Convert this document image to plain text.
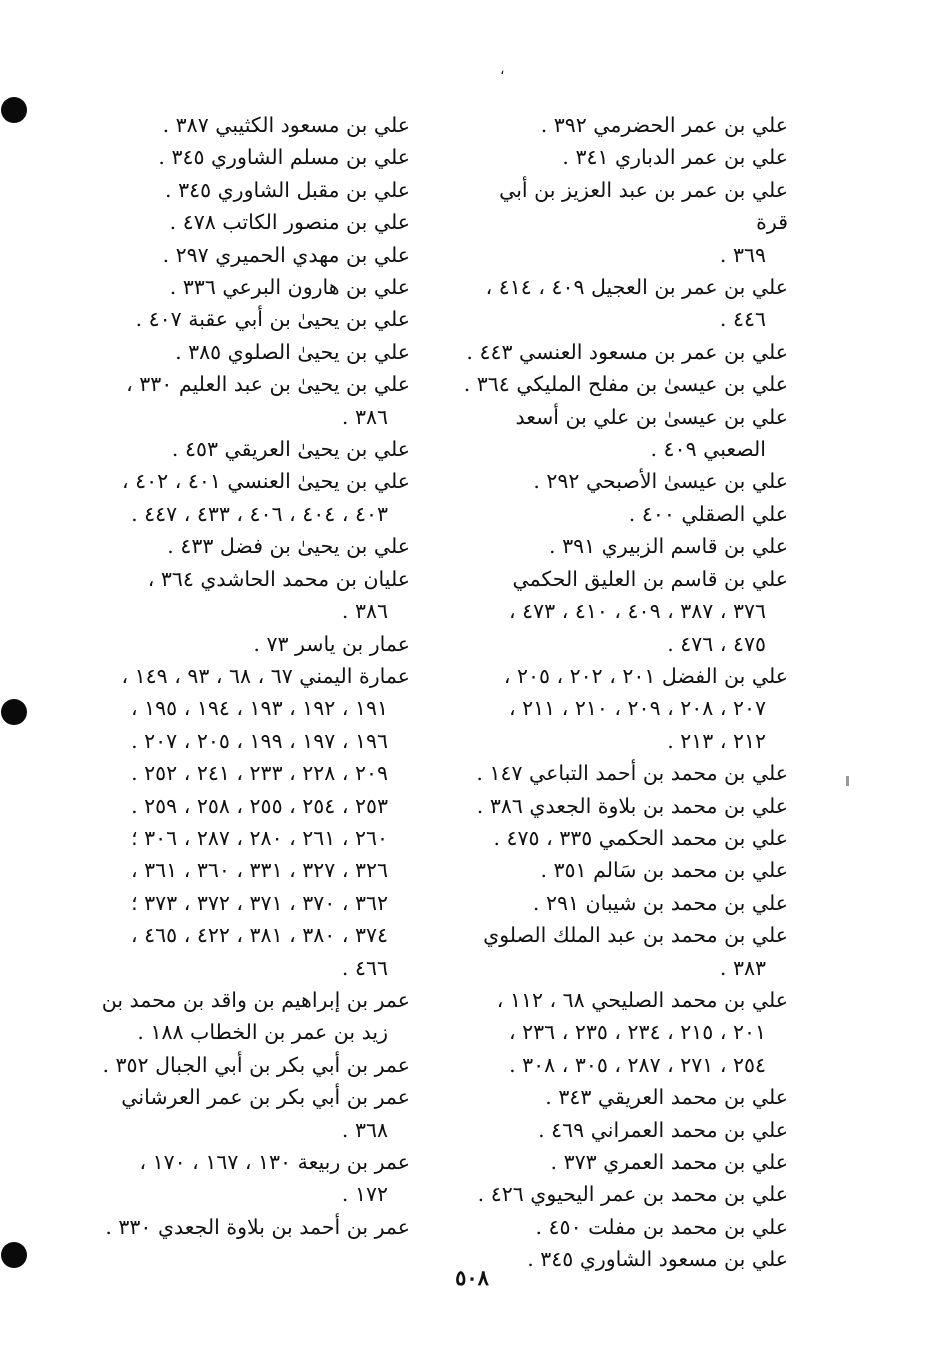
،

علي بن عمر الحضرمي ٣٩٢ .

علي بن عمر الدباري ٣٤١ .

علي بن عمر بن عبد العزيز بن أبي قرة
٣٦٩ .

علي بن عمر بن العجيل ٤٠٩ ، ٤١٤ ،
٤٤٦ .

علي بن عمر بن مسعود العنسي ٤٤٣ .

علي بن عيسىٰ بن مفلح المليكي ٣٦٤ .

علي بن عيسىٰ بن علي بن أسعد
الصعبي ٤٠٩ .

علي بن عيسىٰ الأصبحي ٢٩٢ .

علي الصقلي ٤٠٠ .

علي بن قاسم الزبيري ٣٩١ .

علي بن قاسم بن العليق الحكمي
٣٧٦ ، ٣٨٧ ، ٤٠٩ ، ٤١٠ ، ٤٧٣ ،
٤٧٥ ، ٤٧٦ .

علي بن الفضل ٢٠١ ، ٢٠٢ ، ٢٠٥ ،
٢٠٧ ، ٢٠٨ ، ٢٠٩ ، ٢١٠ ، ٢١١ ،
٢١٢ ، ٢١٣ .

علي بن محمد بن أحمد التباعي ١٤٧ .

علي بن محمد بن بلاوة الجعدي ٣٨٦ .

علي بن محمد الحكمي ٣٣٥ ، ٤٧٥ .

علي بن محمد بن سَالم ٣٥١ .

علي بن محمد بن شيبان ٢٩١ .

علي بن محمد بن عبد الملك الصلوي
٣٨٣ .

علي بن محمد الصليحي ٦٨ ، ١١٢ ،
٢٠١ ، ٢١٥ ، ٢٣٤ ، ٢٣٥ ، ٢٣٦ ،
٢٥٤ ، ٢٧١ ، ٢٨٧ ، ٣٠٥ ، ٣٠٨ .

علي بن محمد العريقي ٣٤٣ .

علي بن محمد العمراني ٤٦٩ .

علي بن محمد العمري ٣٧٣ .

علي بن محمد بن عمر اليحيوي ٤٢٦ .

علي بن محمد بن مفلت ٤٥٠ .

علي بن مسعود الشاوري ٣٤٥ .

علي بن مسعود الكثيبي ٣٨٧ .

علي بن مسلم الشاوري ٣٤٥ .

علي بن مقبل الشاوري ٣٤٥ .

علي بن منصور الكاتب ٤٧٨ .

علي بن مهدي الحميري ٢٩٧ .

علي بن هارون البرعي ٣٣٦ .

علي بن يحيىٰ بن أبي عقبة ٤٠٧ .

علي بن يحيىٰ الصلوي ٣٨٥ .

علي بن يحيىٰ بن عبد العليم ٣٣٠ ،
٣٨٦ .

علي بن يحيىٰ العريقي ٤٥٣ .

علي بن يحيىٰ العنسي ٤٠١ ، ٤٠٢ ،
٤٠٣ ، ٤٠٤ ، ٤٠٦ ، ٤٣٣ ، ٤٤٧ .

علي بن يحيىٰ بن فضل ٤٣٣ .

عليان بن محمد الحاشدي ٣٦٤ ،
٣٨٦ .

عمار بن ياسر ٧٣ .

عمارة اليمني ٦٧ ، ٦٨ ، ٩٣ ، ١٤٩ ،
١٩١ ، ١٩٢ ، ١٩٣ ، ١٩٤ ، ١٩٥ ،
١٩٦ ، ١٩٧ ، ١٩٩ ، ٢٠٥ ، ٢٠٧ .
٢٠٩ ، ٢٢٨ ، ٢٣٣ ، ٢٤١ ، ٢٥٢ .
٢٥٣ ، ٢٥٤ ، ٢٥٥ ، ٢٥٨ ، ٢٥٩ .
٢٦٠ ، ٢٦١ ، ٢٨٠ ، ٢٨٧ ، ٣٠٦ ؛
٣٢٦ ، ٣٢٧ ، ٣٣١ ، ٣٦٠ ، ٣٦١ ،
٣٦٢ ، ٣٧٠ ، ٣٧١ ، ٣٧٢ ، ٣٧٣ ؛
٣٧٤ ، ٣٨٠ ، ٣٨١ ، ٤٢٢ ، ٤٦٥ ،
٤٦٦ .

عمر بن إبراهيم بن واقد بن محمد بن
زيد بن عمر بن الخطاب ١٨٨ .

عمر بن أبي بكر بن أبي الجبال ٣٥٢ .

عمر بن أبي بكر بن عمر العرشاني
٣٦٨ .

عمر بن ربيعة ١٣٠ ، ١٦٧ ، ١٧٠ ،
١٧٢ .

عمر بن أحمد بن بلاوة الجعدي ٣٣٠ .

٥٠٨
